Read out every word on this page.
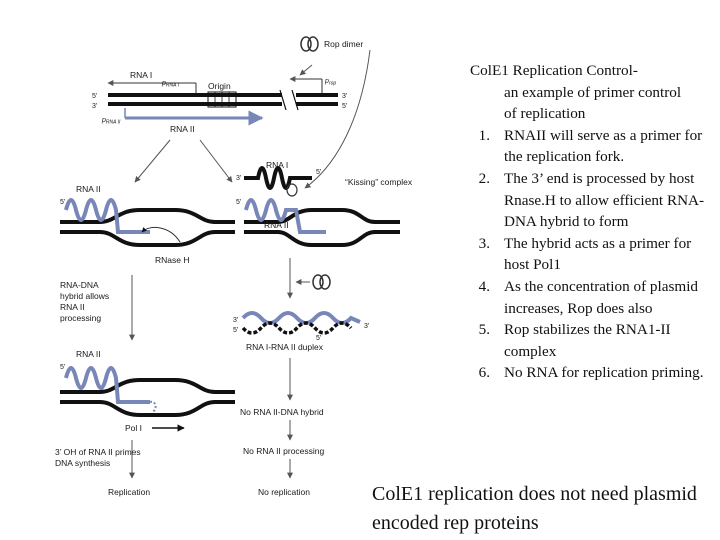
Rop dimer
RNA I
$p_{RNA I}$	Origin	$p_{rop}$
5’
3’
3’
5’
$p_{RNA II}$
RNA II
RNA II
5’
RNase H
RNA-DNA
hybrid allows
RNA II
processing
RNA II
5’
Pol I
3’ OH of RNA II primes
DNA synthesis
Replication
RNA I
3’
5’
“Kissing” complex
5’
RNA II
3’
5’
3’
5’
RNA I-RNA II duplex
No RNA II-DNA hybrid
No RNA II processing
No replication
ColE1 Replication Control-
an example of primer control of replication
1. RNAII will serve as a primer for the replication fork.
2. The 3’ end is processed by host Rnase.H to allow efficient RNA-DNA hybrid to form
3. The hybrid acts as a primer for host Pol1
4. As the concentration of plasmid increases, Rop does also
5. Rop stabilizes the RNA1-II complex
6. No RNA for replication priming.
ColE1 replication does not need plasmid encoded rep proteins
